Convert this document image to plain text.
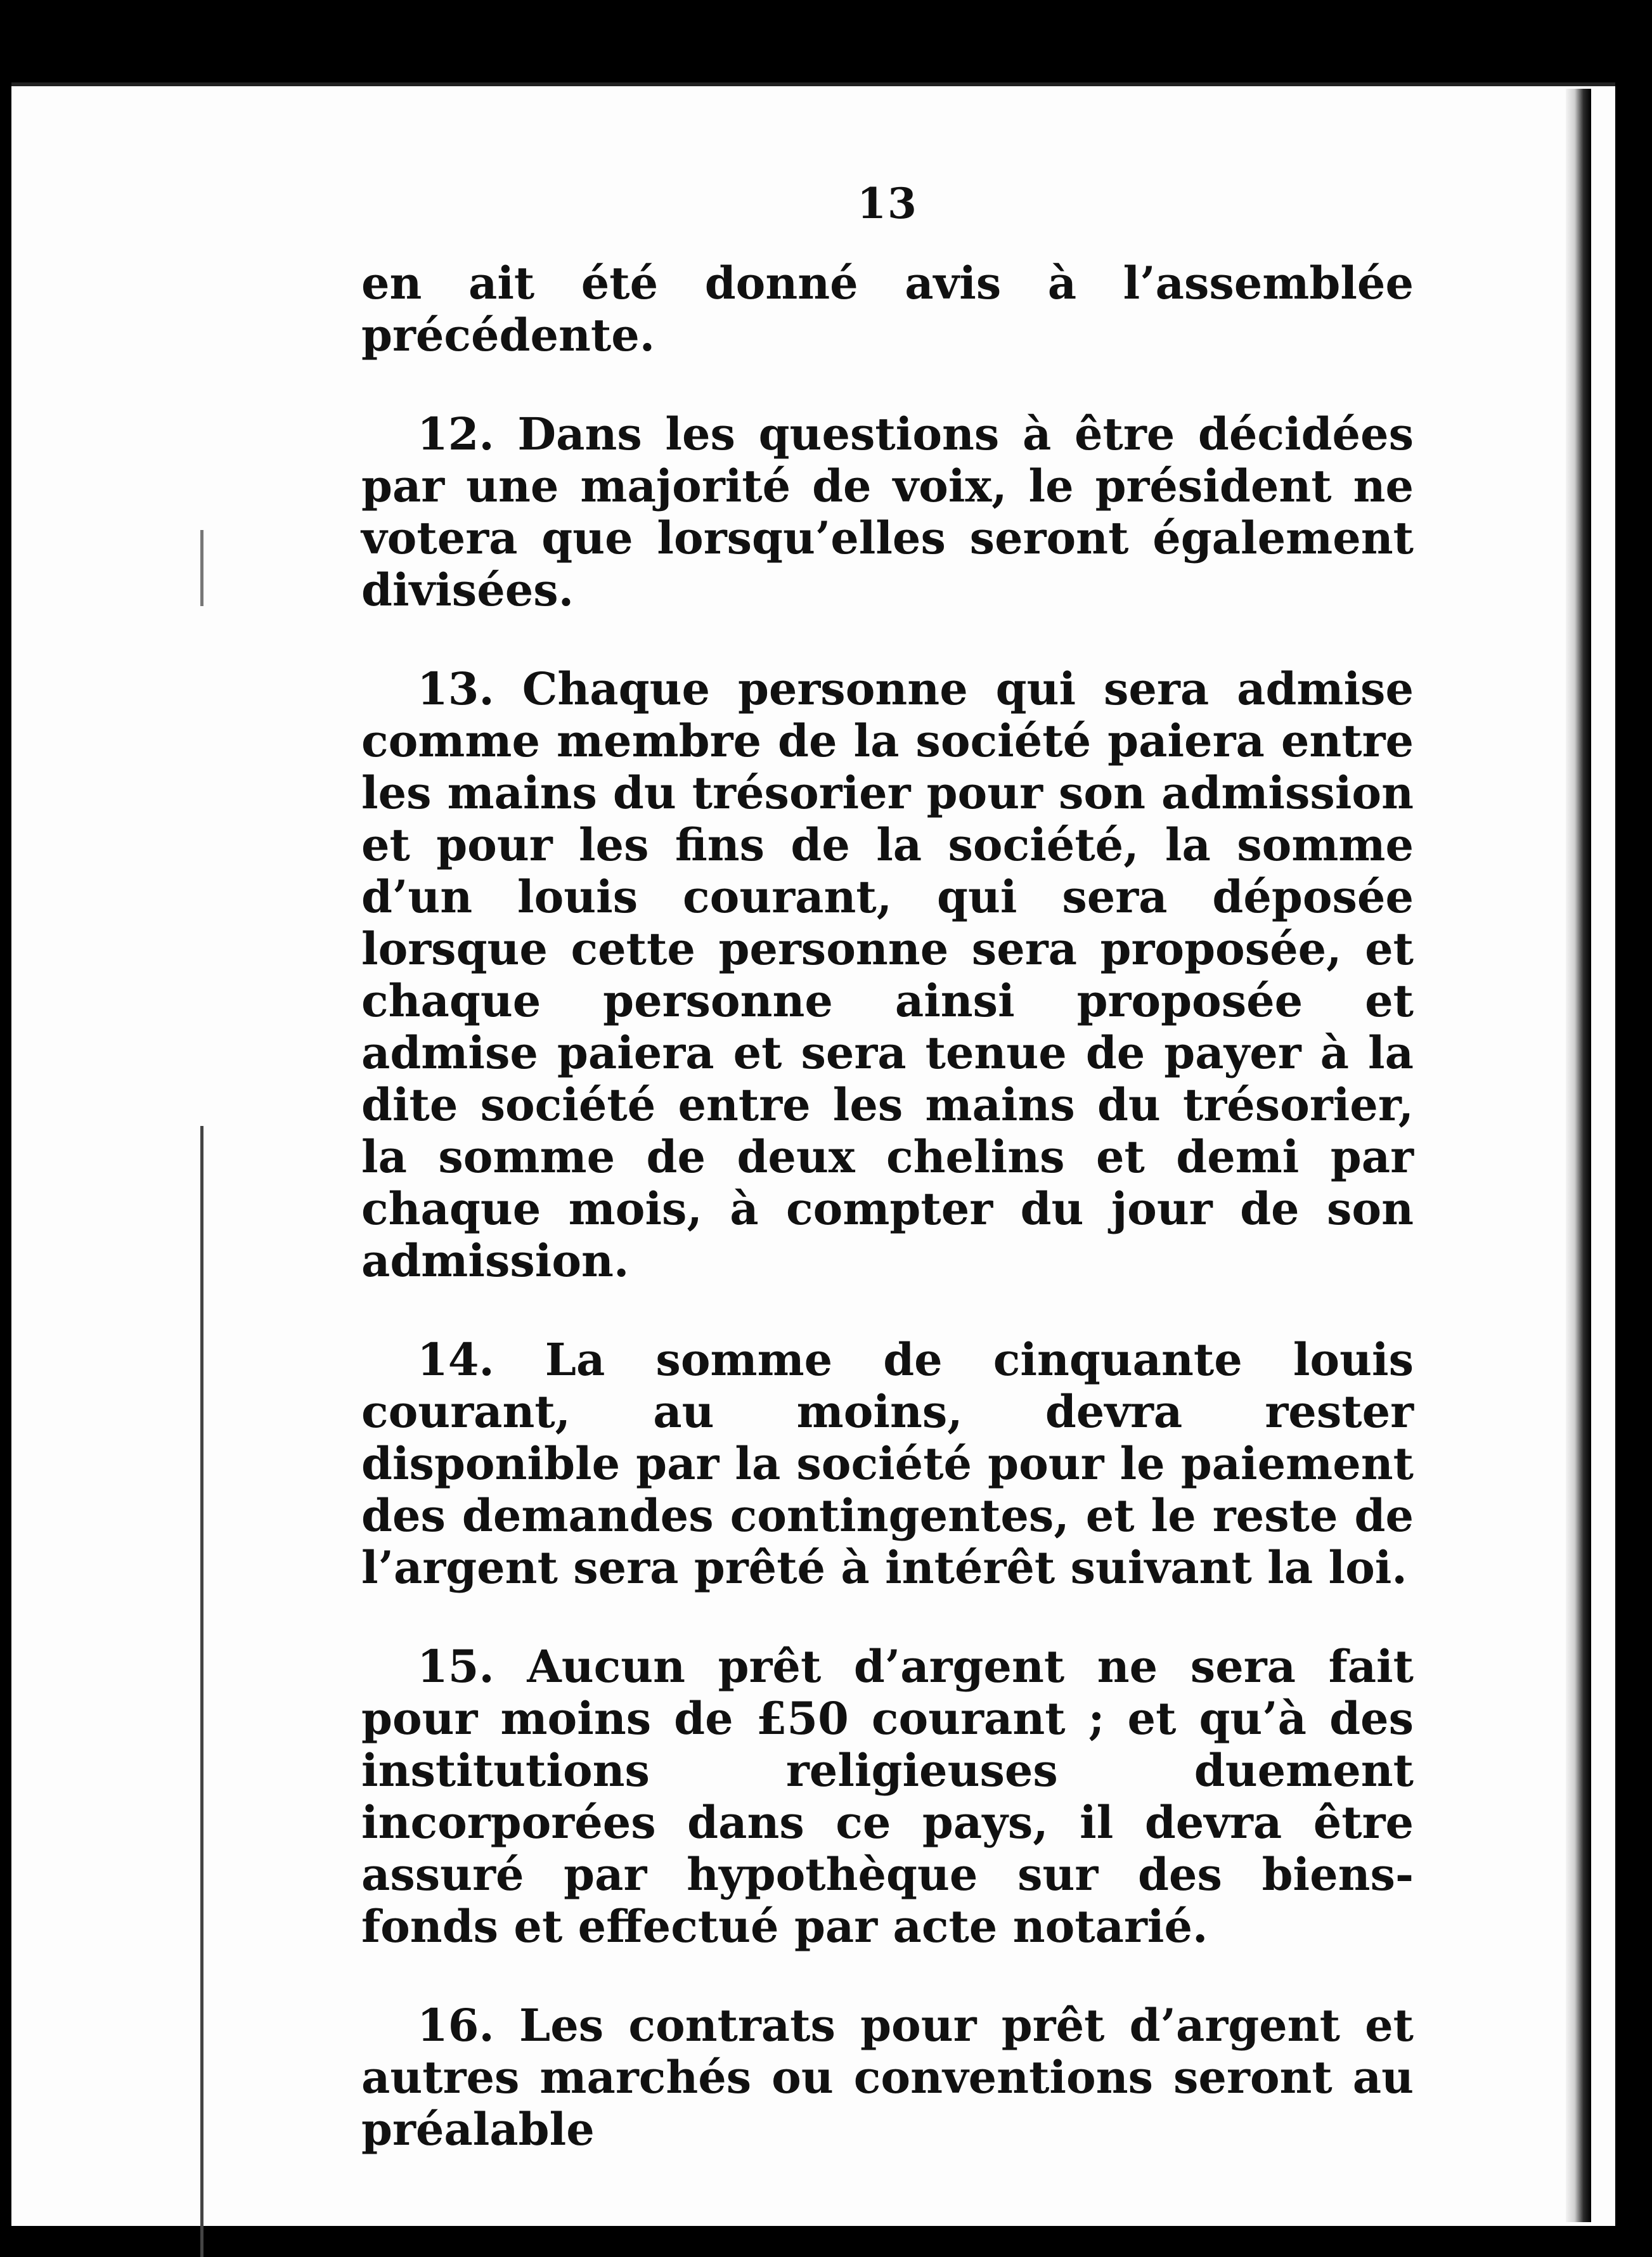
13

en ait été donné avis à l’assemblée précédente.

12. Dans les questions à être décidées par une majorité de voix, le président ne votera que lorsqu’elles seront également divisées.

13. Chaque personne qui sera admise comme membre de la société paiera entre les mains du trésorier pour son admission et pour les fins de la société, la somme d’un louis courant, qui sera déposée lorsque cette personne sera proposée, et chaque personne ainsi proposée et admise paiera et sera tenue de payer à la dite société entre les mains du trésorier, la somme de deux chelins et demi par chaque mois, à compter du jour de son admission.

14. La somme de cinquante louis courant, au moins, devra rester disponible par la société pour le paiement des demandes contingentes, et le reste de l’argent sera prêté à intérêt suivant la loi.

15. Aucun prêt d’argent ne sera fait pour moins de £50 courant ; et qu’à des institutions religieuses duement incorporées dans ce pays, il devra être assuré par hypothèque sur des biens-fonds et effectué par acte notarié.

16. Les contrats pour prêt d’argent et autres marchés ou conventions seront au préalable
